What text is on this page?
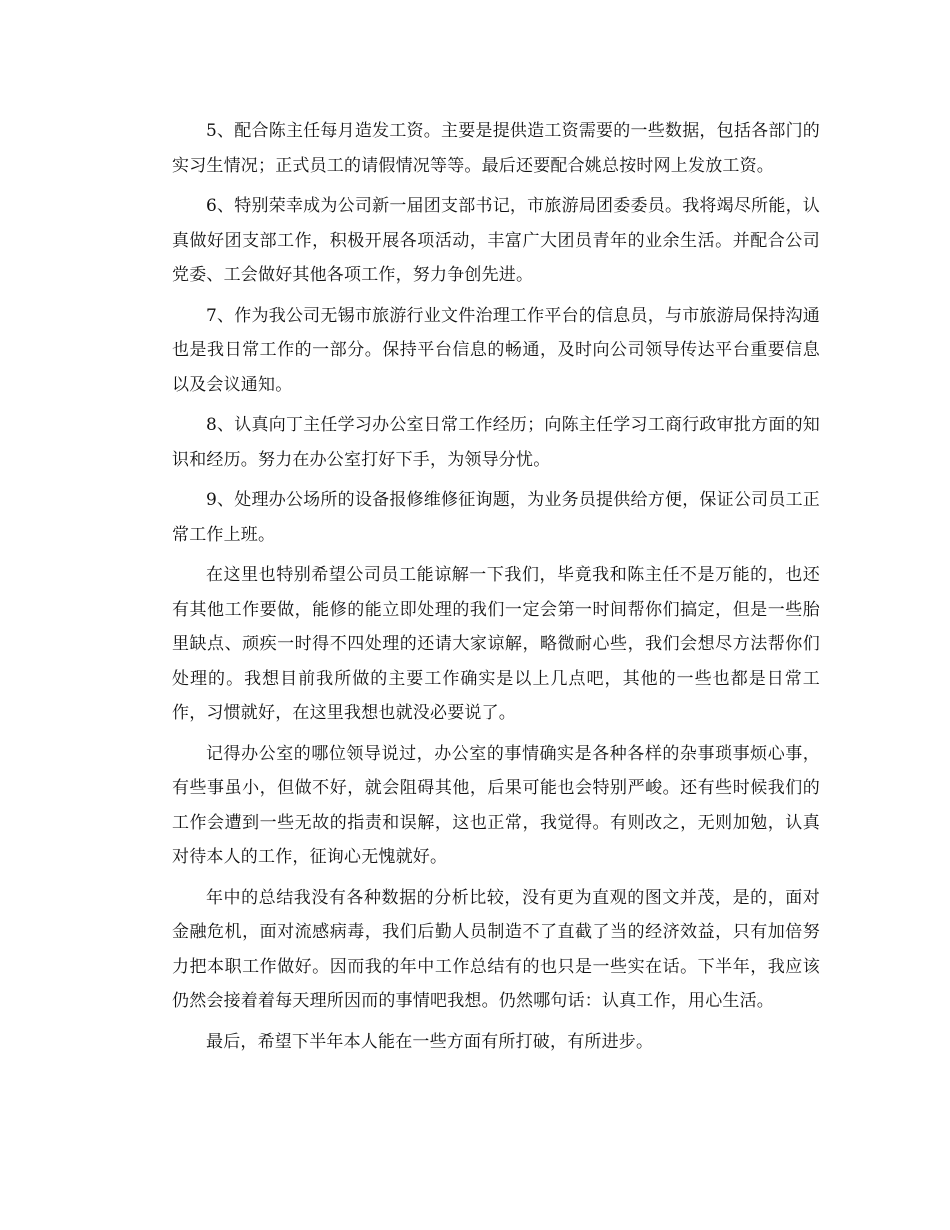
5、配合陈主任每月造发工资。主要是提供造工资需要的一些数据，包括各部门的实习生情况；正式员工的请假情况等等。最后还要配合姚总按时网上发放工资。

6、特别荣幸成为公司新一届团支部书记，市旅游局团委委员。我将竭尽所能，认真做好团支部工作，积极开展各项活动，丰富广大团员青年的业余生活。并配合公司党委、工会做好其他各项工作，努力争创先进。

7、作为我公司无锡市旅游行业文件治理工作平台的信息员，与市旅游局保持沟通也是我日常工作的一部分。保持平台信息的畅通，及时向公司领导传达平台重要信息以及会议通知。

8、认真向丁主任学习办公室日常工作经历；向陈主任学习工商行政审批方面的知识和经历。努力在办公室打好下手，为领导分忧。

9、处理办公场所的设备报修维修征询题，为业务员提供给方便，保证公司员工正常工作上班。

在这里也特别希望公司员工能谅解一下我们，毕竟我和陈主任不是万能的，也还有其他工作要做，能修的能立即处理的我们一定会第一时间帮你们搞定，但是一些胎里缺点、顽疾一时得不四处理的还请大家谅解，略微耐心些，我们会想尽方法帮你们处理的。我想目前我所做的主要工作确实是以上几点吧，其他的一些也都是日常工作，习惯就好，在这里我想也就没必要说了。

记得办公室的哪位领导说过，办公室的事情确实是各种各样的杂事琐事烦心事，有些事虽小，但做不好，就会阻碍其他，后果可能也会特别严峻。还有些时候我们的工作会遭到一些无故的指责和误解，这也正常，我觉得。有则改之，无则加勉，认真对待本人的工作，征询心无愧就好。

年中的总结我没有各种数据的分析比较，没有更为直观的图文并茂，是的，面对金融危机，面对流感病毒，我们后勤人员制造不了直截了当的经济效益，只有加倍努力把本职工作做好。因而我的年中工作总结有的也只是一些实在话。下半年，我应该仍然会接着着每天理所因而的事情吧我想。仍然哪句话：认真工作，用心生活。

最后，希望下半年本人能在一些方面有所打破，有所进步。
